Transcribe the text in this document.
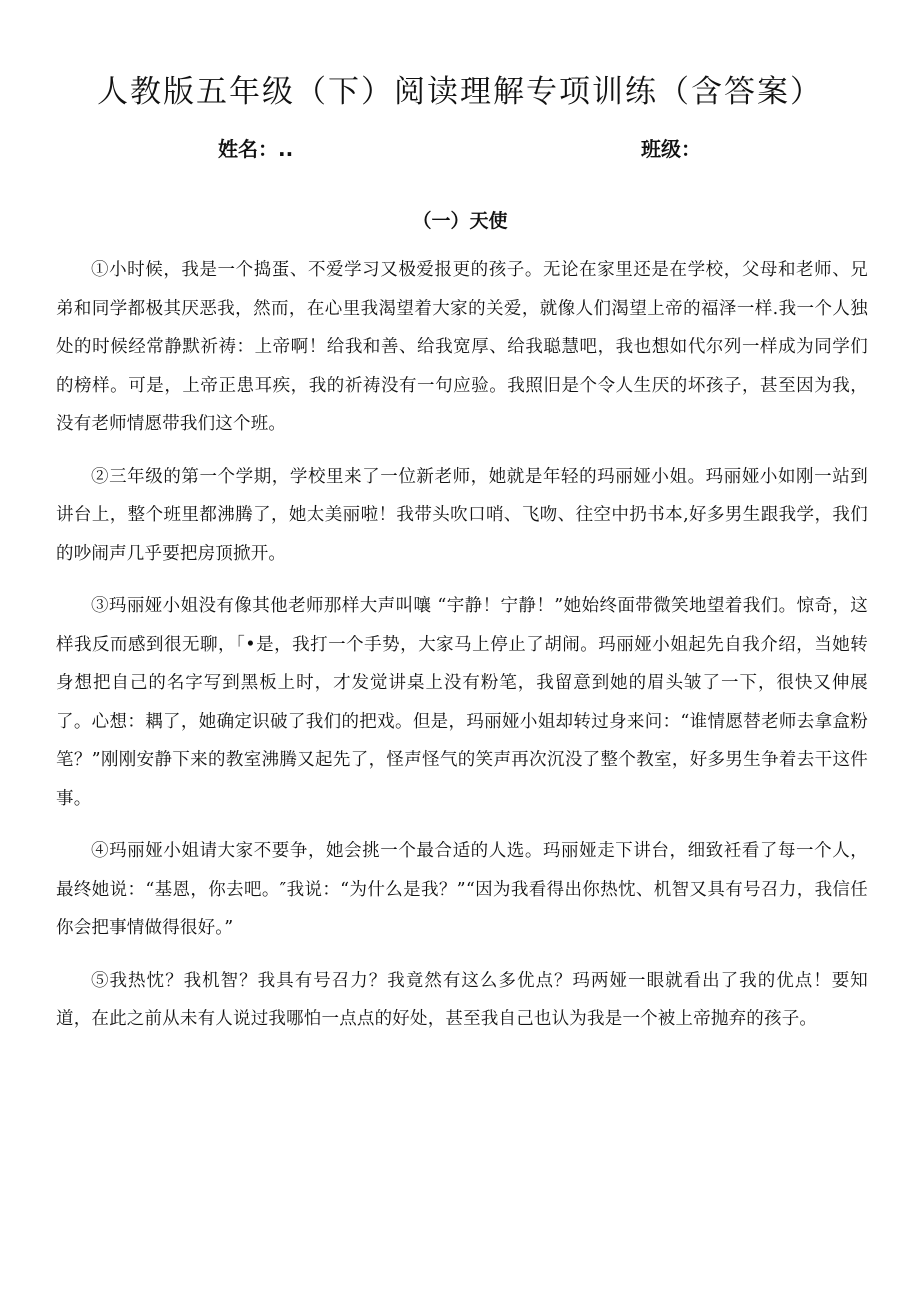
人教版五年级（下）阅读理解专项训练（含答案）
姓名：..	班级：
（一）天使

①小时候，我是一个捣蛋、不爱学习又极爱报更的孩子。无论在家里还是在学校，父母和老师、兄弟和同学都极其厌恶我，然而，在心里我渴望着大家的关爱，就像人们渴望上帝的福泽一样.我一个人独处的时候经常静默祈祷：上帝啊！给我和善、给我宽厚、给我聪慧吧，我也想如代尔列一样成为同学们的榜样。可是，上帝正患耳疾，我的祈祷没有一句应验。我照旧是个令人生厌的坏孩子，甚至因为我，没有老师情愿带我们这个班。

②三年级的第一个学期，学校里来了一位新老师，她就是年轻的玛丽娅小姐。玛丽娅小如刚一站到讲台上，整个班里都沸腾了，她太美丽啦！我带头吹口哨、飞吻、往空中扔书本,好多男生跟我学，我们的吵闹声几乎要把房顶掀开。

③玛丽娅小姐没有像其他老师那样大声叫嚷 “宇静！宁静！”她始终面带微笑地望着我们。惊奇，这样我反而感到很无聊，「•是，我打一个手势，大家马上停止了胡闹。玛丽娅小姐起先自我介绍，当她转身想把自己的名字写到黑板上时，才发觉讲桌上没有粉笔，我留意到她的眉头皱了一下，很快又伸展了。心想：耦了，她确定识破了我们的把戏。但是，玛丽娅小姐却转过身来问：“谁情愿替老师去拿盒粉笔？”刚刚安静下来的教室沸腾又起先了，怪声怪气的笑声再次沉没了整个教室，好多男生争着去干这件事。

④玛丽娅小姐请大家不要争，她会挑一个最合适的人选。玛丽娅走下讲台，细致衽看了每一个人，最终她说：“基恩，你去吧。″我说：“为什么是我？”“因为我看得出你热忱、机智又具有号召力，我信任你会把事情做得很好。”

⑤我热忱？我机智？我具有号召力？我竟然有这么多优点？玛两娅一眼就看出了我的优点！要知道，在此之前从未有人说过我哪怕一点点的好处，甚至我自己也认为我是一个被上帝抛弃的孩子。
